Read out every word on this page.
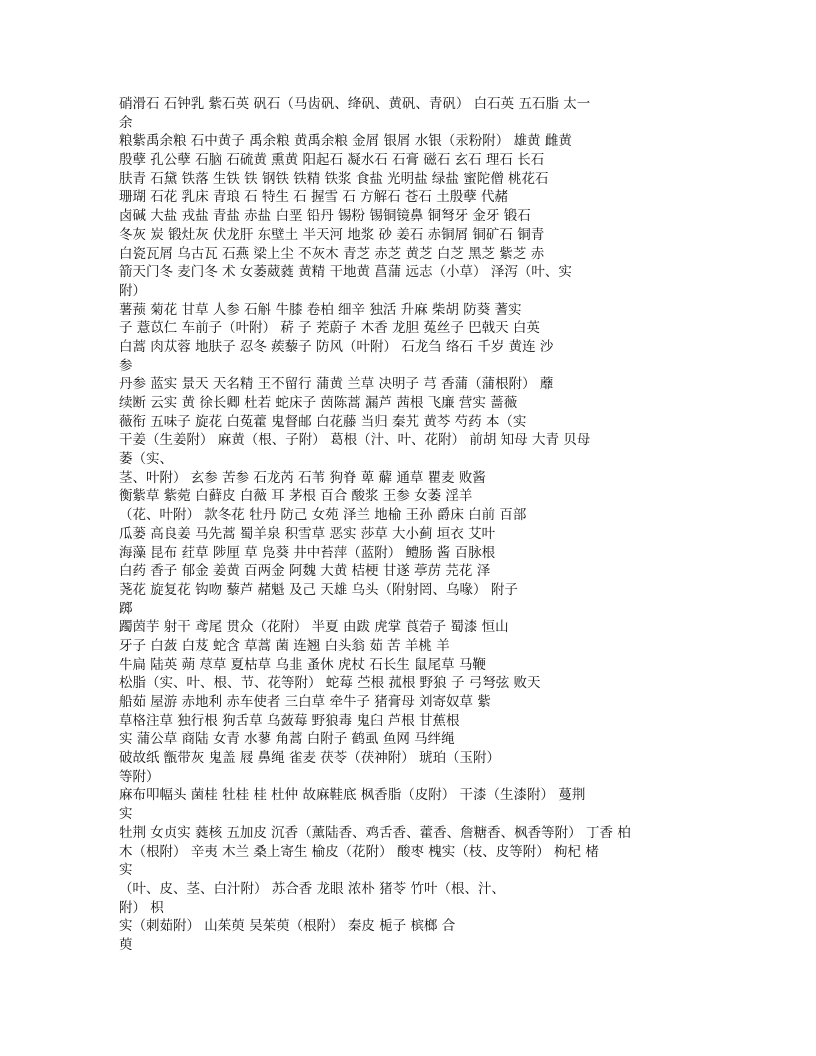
硝滑石 石钟乳 紫石英 矾石（马齿矾、绛矾、黄矾、青矾） 白石英 五石脂 太一
余
粮紫禹余粮 石中黄子 禹余粮 黄禹余粮 金屑 银屑 水银（汞粉附） 雄黄 雌黄
殷孽 孔公孽 石脑 石硫黄 熏黄 阳起石 凝水石 石膏 磁石 玄石 理石 长石
肤青 石黛 铁落 生铁 铁 钢铁 铁精 铁浆 食盐 光明盐 绿盐 蜜陀僧 桃花石
珊瑚 石花 乳床 青琅 石 特生 石 握雪 石 方解石 苍石 土殷孽 代赭
卤碱 大盐 戎盐 青盐 赤盐 白垩 铅丹 锡粉 锡铜镜鼻 铜弩牙 金牙 锻石
冬灰 炭 锻灶灰 伏龙肝 东壁土 半天河 地浆 砂 姜石 赤铜屑 铜矿石 铜青
白瓷瓦屑 乌古瓦 石燕 梁上尘 不灰木 青芝 赤芝 黄芝 白芝 黑芝 紫芝 赤
箭天门冬 麦门冬 术 女萎葳蕤 黄精 干地黄 菖蒲 远志（小草） 泽泻（叶、实
附）
薯蓣 菊花 甘草 人参 石斛 牛膝 卷柏 细辛 独活 升麻 柴胡 防葵 蓍实
子 薏苡仁 车前子（叶附） 菥 子 茺蔚子 木香 龙胆 菟丝子 巴戟天 白英
白蒿 肉苁蓉 地肤子 忍冬 蒺藜子 防风（叶附） 石龙刍 络石 千岁 黄连 沙
参
丹参 蓝实 景天 天名精 王不留行 蒲黄 兰草 决明子 芎 香蒲（蒲根附） 蘼
续断 云实 黄 徐长卿 杜若 蛇床子 茵陈蒿 漏芦 茜根 飞廉 营实 蔷薇
薇衔 五味子 旋花 白菟藿 鬼督邮 白花藤 当归 秦艽 黄芩 芍药 本（实
干姜（生姜附） 麻黄（根、子附） 葛根（汁、叶、花附） 前胡 知母 大青 贝母
萎（实、
茎、叶附） 玄参 苦参 石龙芮 石苇 狗脊 萆 薢 通草 瞿麦 败酱
衡紫草 紫菀 白藓皮 白薇 耳 茅根 百合 酸浆 王参 女萎 淫羊
（花、叶附） 款冬花 牡丹 防己 女苑 泽兰 地榆 王孙 爵床 白前 百部
瓜蒌 高良姜 马先蒿 蜀羊泉 积雪草 恶实 莎草 大小蓟 垣衣 艾叶
海藻 昆布 荭草 陟厘 草 凫葵 井中苔萍（蓝附） 鳢肠 酱 百脉根
白药 香子 郁金 姜黄 百两金 阿魏 大黄 桔梗 甘遂 葶苈 芫花 泽
荛花 旋复花 钩吻 藜芦 赭魁 及己 天雄 乌头（附射罔、乌喙） 附子
踯
躅茵芋 射干 鸢尾 贯众（花附） 半夏 由跋 虎掌 莨菪子 蜀漆 恒山
牙子 白蔹 白芨 蛇含 草蒿 菌 连翘 白头翁 茹 苦 羊桃 羊
牛扁 陆英 蒴 荩草 夏枯草 乌韭 蚤休 虎杖 石长生 鼠尾草 马鞭
松脂（实、叶、根、节、花等附） 蛇莓 苎根 菰根 野狼 子 弓弩弦 败天
船茹 屋游 赤地利 赤车使者 三白草 牵牛子 猪膏母 刘寄奴草 紫
草格注草 独行根 狗舌草 乌蔹莓 野狼毒 鬼臼 芦根 甘蕉根
实 蒲公草 商陆 女青 水蓼 角蒿 白附子 鹤虱 鱼网 马绊绳
破故纸 甑带灰 鬼盖 屐 鼻绳 雀麦 茯苓（茯神附） 琥珀（玉附）
等附）
麻布叩幅头 菌桂 牡桂 桂 杜仲 故麻鞋底 枫香脂（皮附） 干漆（生漆附） 蔓荆
实
牡荆 女贞实 蕤核 五加皮 沉香（薰陆香、鸡舌香、藿香、詹糖香、枫香等附） 丁香 柏
木（根附） 辛夷 木兰 桑上寄生 榆皮（花附） 酸枣 槐实（枝、皮等附） 枸杞 楮
实
（叶、皮、茎、白汁附） 苏合香 龙眼 浓朴 猪苓 竹叶（根、汁、
附） 枳
实（刺茹附） 山茱萸 吴茱萸（根附） 秦皮 栀子 槟榔 合
萸
